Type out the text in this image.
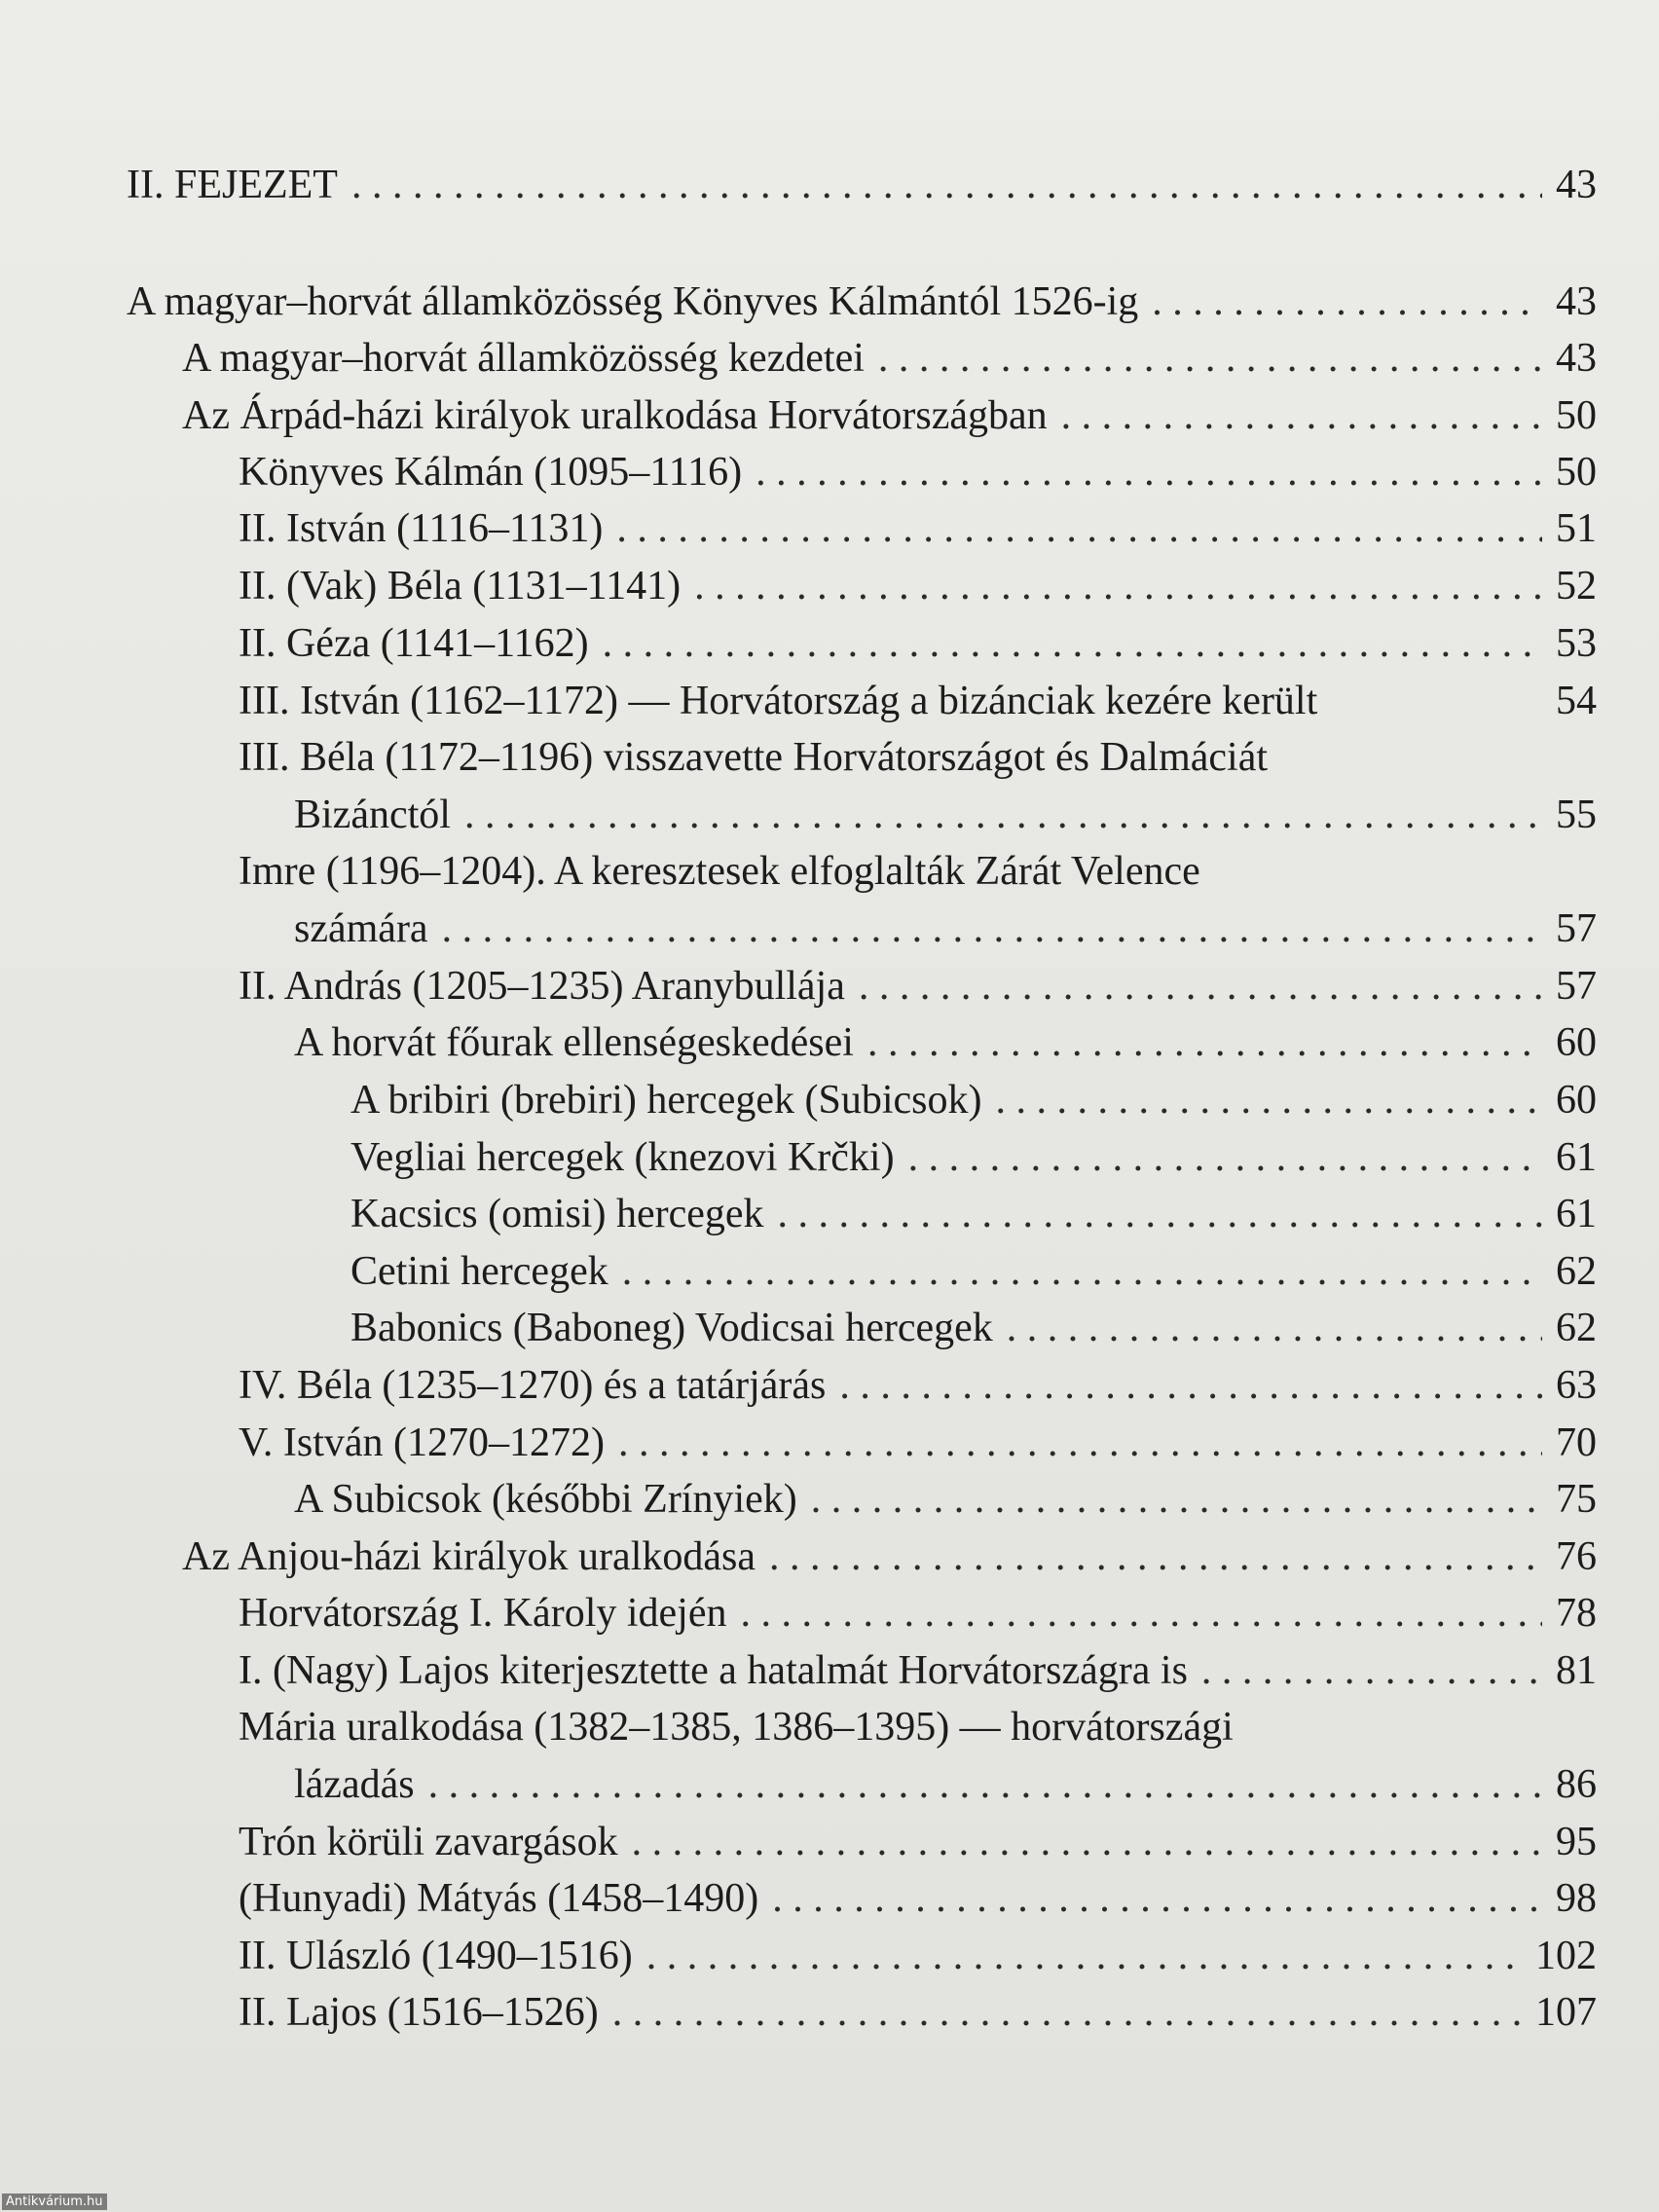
II. FEJEZET . . .	43
A magyar–horvát államközösség Könyves Kálmántól 1526-ig . . .	43
A magyar–horvát államközösség kezdetei . . .	43
Az Árpád-házi királyok uralkodása Horvátországban . . .	50
Könyves Kálmán (1095–1116) . . .	50
II. István (1116–1131) . . .	51
II. (Vak) Béla (1131–1141) . . .	52
II. Géza (1141–1162) . . .	53
III. István (1162–1172) — Horvátország a bizánciak kezére került	54
III. Béla (1172–1196) visszavette Horvátországot és Dalmáciát
Bizánctól . . .	55
Imre (1196–1204). A keresztesek elfoglalták Zárát Velence
számára . . .	57
II. András (1205–1235) Aranybullája . . .	57
A horvát főurak ellenségeskedései . . .	60
A bribiri (brebiri) hercegek (Subicsok) . . .	60
Vegliai hercegek (knezovi Krčki) . . .	61
Kacsics (omisi) hercegek . . .	61
Cetini hercegek . . .	62
Babonics (Baboneg) Vodicsai hercegek . . .	62
IV. Béla (1235–1270) és a tatárjárás . . .	63
V. István (1270–1272) . . .	70
A Subicsok (későbbi Zrínyiek) . . .	75
Az Anjou-házi királyok uralkodása . . .	76
Horvátország I. Károly idején . . .	78
I. (Nagy) Lajos kiterjesztette a hatalmát Horvátországra is . . .	81
Mária uralkodása (1382–1385, 1386–1395) — horvátországi
lázadás . . .	86
Trón körüli zavargások . . .	95
(Hunyadi) Mátyás (1458–1490) . . .	98
II. Ulászló (1490–1516) . . .	102
II. Lajos (1516–1526) . . .	107
Antikvárium.hu
